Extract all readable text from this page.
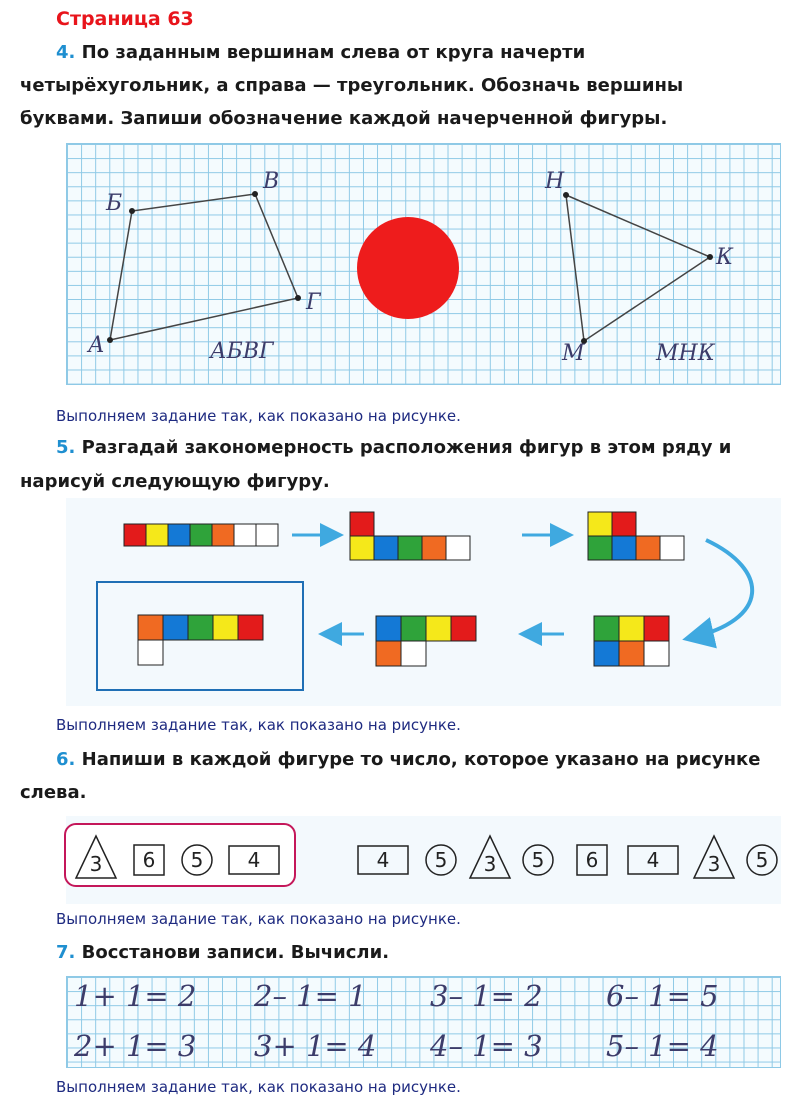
Страница 63
4. По заданным вершинам слева от круга начерти
четырёхугольник, а справа — треугольник. Обозначь вершины
буквами. Запиши обозначение каждой начерченной фигуры.
А
Б
В
Г
АБВГ
Н
К
М	МНК
Выполняем задание так, как показано на рисунке.
5. Разгадай закономерность расположения фигур в этом ряду и
нарисуй следующую фигуру.
Выполняем задание так, как показано на рисунке.
6. Напиши в каждой фигуре то число, которое указано на рисунке
слева.
3 6 5 4	4 5 3 5 6 4 3 5
Выполняем задание так, как показано на рисунке.
7. Восстанови записи. Вычисли.
1+ 1= 2 2– 1= 1 3– 1= 2 6– 1= 5
2+ 1= 3 3+ 1= 4 4– 1= 3 5– 1= 4
Выполняем задание так, как показано на рисунке.
